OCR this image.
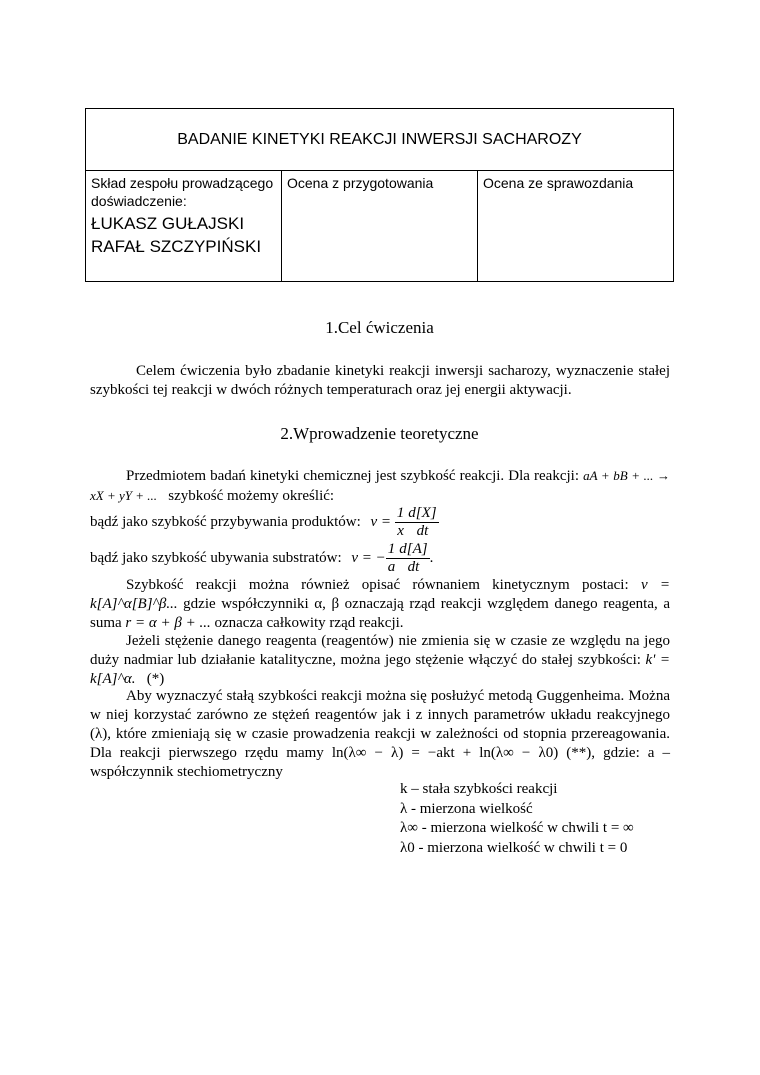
BADANIE KINETYKI REAKCJI INWERSJI SACHAROZY
Skład zespołu prowadzącego
doświadczenie:
ŁUKASZ GUŁAJSKI
RAFAŁ SZCZYPIŃSKI
Ocena z przygotowania	Ocena ze sprawozdania
1.Cel ćwiczenia
Celem ćwiczenia było zbadanie kinetyki reakcji inwersji sacharozy, wyznaczenie stałej szybkości tej reakcji w dwóch różnych temperaturach oraz jej energii aktywacji.
2.Wprowadzenie teoretyczne
Przedmiotem badań kinetyki chemicznej jest szybkość reakcji. Dla reakcji: aA + bB + ... → xX + yY + ... szybkość możemy określić:
bądź jako szybkość przybywania produktów: $v = \frac{1}{x} \frac{d[X]}{dt}$
bądź jako szybkość ubywania substratów: v = − $\frac{1}{a} \frac{d[A]}{dt}$ .
Szybkość reakcji można również opisać równaniem kinetycznym postaci: v = k[A]^α[B]^β... gdzie współczynniki α, β oznaczają rząd reakcji względem danego reagenta, a suma r = α + β + ... oznacza całkowity rząd reakcji.
Jeżeli stężenie danego reagenta (reagentów) nie zmienia się w czasie ze względu na jego duży nadmiar lub działanie katalityczne, można jego stężenie włączyć do stałej szybkości: k' = k[A]^α. (*)
Aby wyznaczyć stałą szybkości reakcji można się posłużyć metodą Guggenheima. Można w niej korzystać zarówno ze stężeń reagentów jak i z innych parametrów układu reakcyjnego (λ), które zmieniają się w czasie prowadzenia reakcji w zależności od stopnia przereagowania. Dla reakcji pierwszego rzędu mamy ln(λ∞ − λ) = −akt + ln(λ∞ − λ0) (**), gdzie: a – współczynnik stechiometryczny
k – stała szybkości reakcji
λ - mierzona wielkość
λ∞ - mierzona wielkość w chwili t = ∞
λ0 - mierzona wielkość w chwili t = 0
